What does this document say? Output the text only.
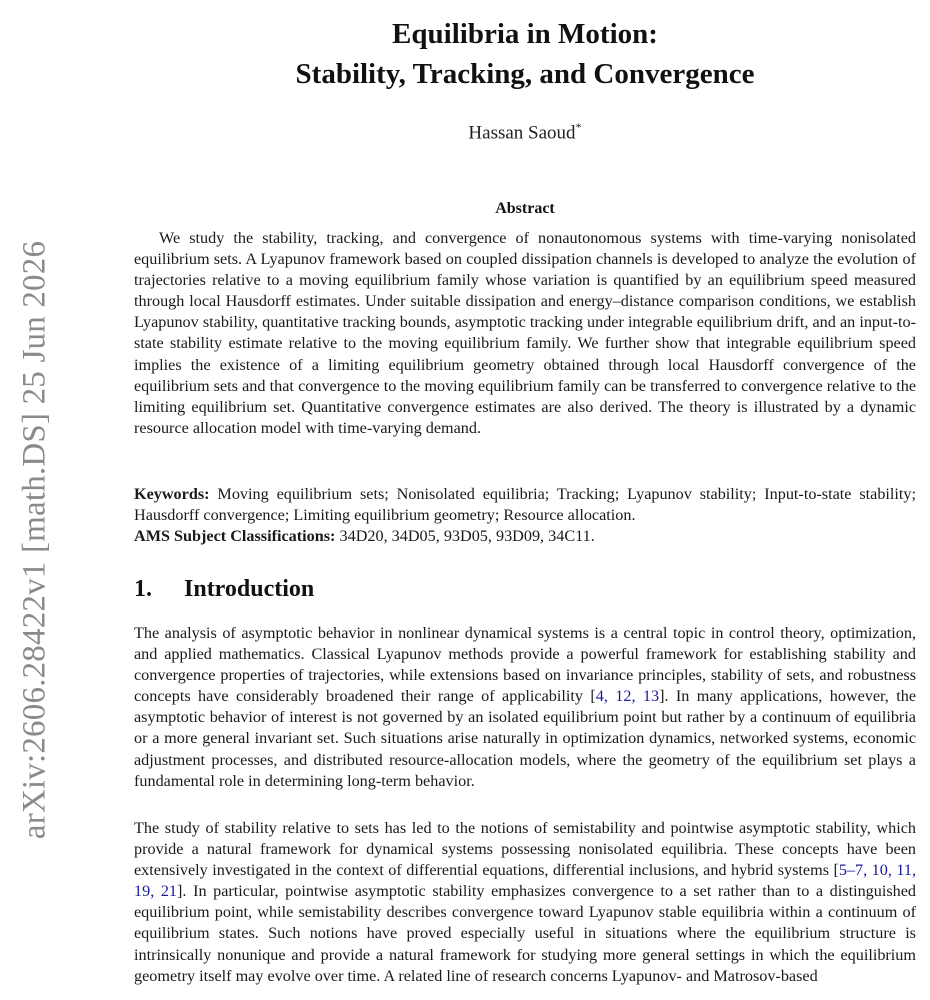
arXiv:2606.28422v1 [math.DS] 25 Jun 2026
Equilibria in Motion:
Stability, Tracking, and Convergence
Hassan Saoud*
Abstract
We study the stability, tracking, and convergence of nonautonomous systems with time-varying nonisolated equilibrium sets. A Lyapunov framework based on coupled dissipation channels is developed to analyze the evolution of trajectories relative to a moving equilibrium family whose variation is quantified by an equilibrium speed measured through local Hausdorff estimates. Under suitable dissipation and energy–distance comparison conditions, we establish Lyapunov stability, quantitative tracking bounds, asymptotic tracking under integrable equilibrium drift, and an input-to-state stability estimate relative to the moving equilibrium family. We further show that integrable equilibrium speed implies the existence of a limiting equilibrium geometry obtained through local Hausdorff convergence of the equilibrium sets and that convergence to the moving equilibrium family can be transferred to convergence relative to the limiting equilibrium set. Quantitative convergence estimates are also derived. The theory is illustrated by a dynamic resource allocation model with time-varying demand.
Keywords: Moving equilibrium sets; Nonisolated equilibria; Tracking; Lyapunov stability; Input-to-state stability; Hausdorff convergence; Limiting equilibrium geometry; Resource allocation.
AMS Subject Classifications: 34D20, 34D05, 93D05, 93D09, 34C11.
1. Introduction
The analysis of asymptotic behavior in nonlinear dynamical systems is a central topic in control theory, optimization, and applied mathematics. Classical Lyapunov methods provide a powerful framework for establishing stability and convergence properties of trajectories, while extensions based on invariance principles, stability of sets, and robustness concepts have considerably broadened their range of applicability [4, 12, 13]. In many applications, however, the asymptotic behavior of interest is not governed by an isolated equilibrium point but rather by a continuum of equilibria or a more general invariant set. Such situations arise naturally in optimization dynamics, networked systems, economic adjustment processes, and distributed resource-allocation models, where the geometry of the equilibrium set plays a fundamental role in determining long-term behavior.
The study of stability relative to sets has led to the notions of semistability and pointwise asymptotic stability, which provide a natural framework for dynamical systems possessing nonisolated equilibria. These concepts have been extensively investigated in the context of differential equations, differential inclusions, and hybrid systems [5–7, 10, 11, 19, 21]. In particular, pointwise asymptotic stability emphasizes convergence to a set rather than to a distinguished equilibrium point, while semistability describes convergence toward Lyapunov stable equilibria within a continuum of equilibrium states. Such notions have proved especially useful in situations where the equilibrium structure is intrinsically nonunique and provide a natural framework for studying more general settings in which the equilibrium geometry itself may evolve over time. A related line of research concerns Lyapunov- and Matrosov-based
